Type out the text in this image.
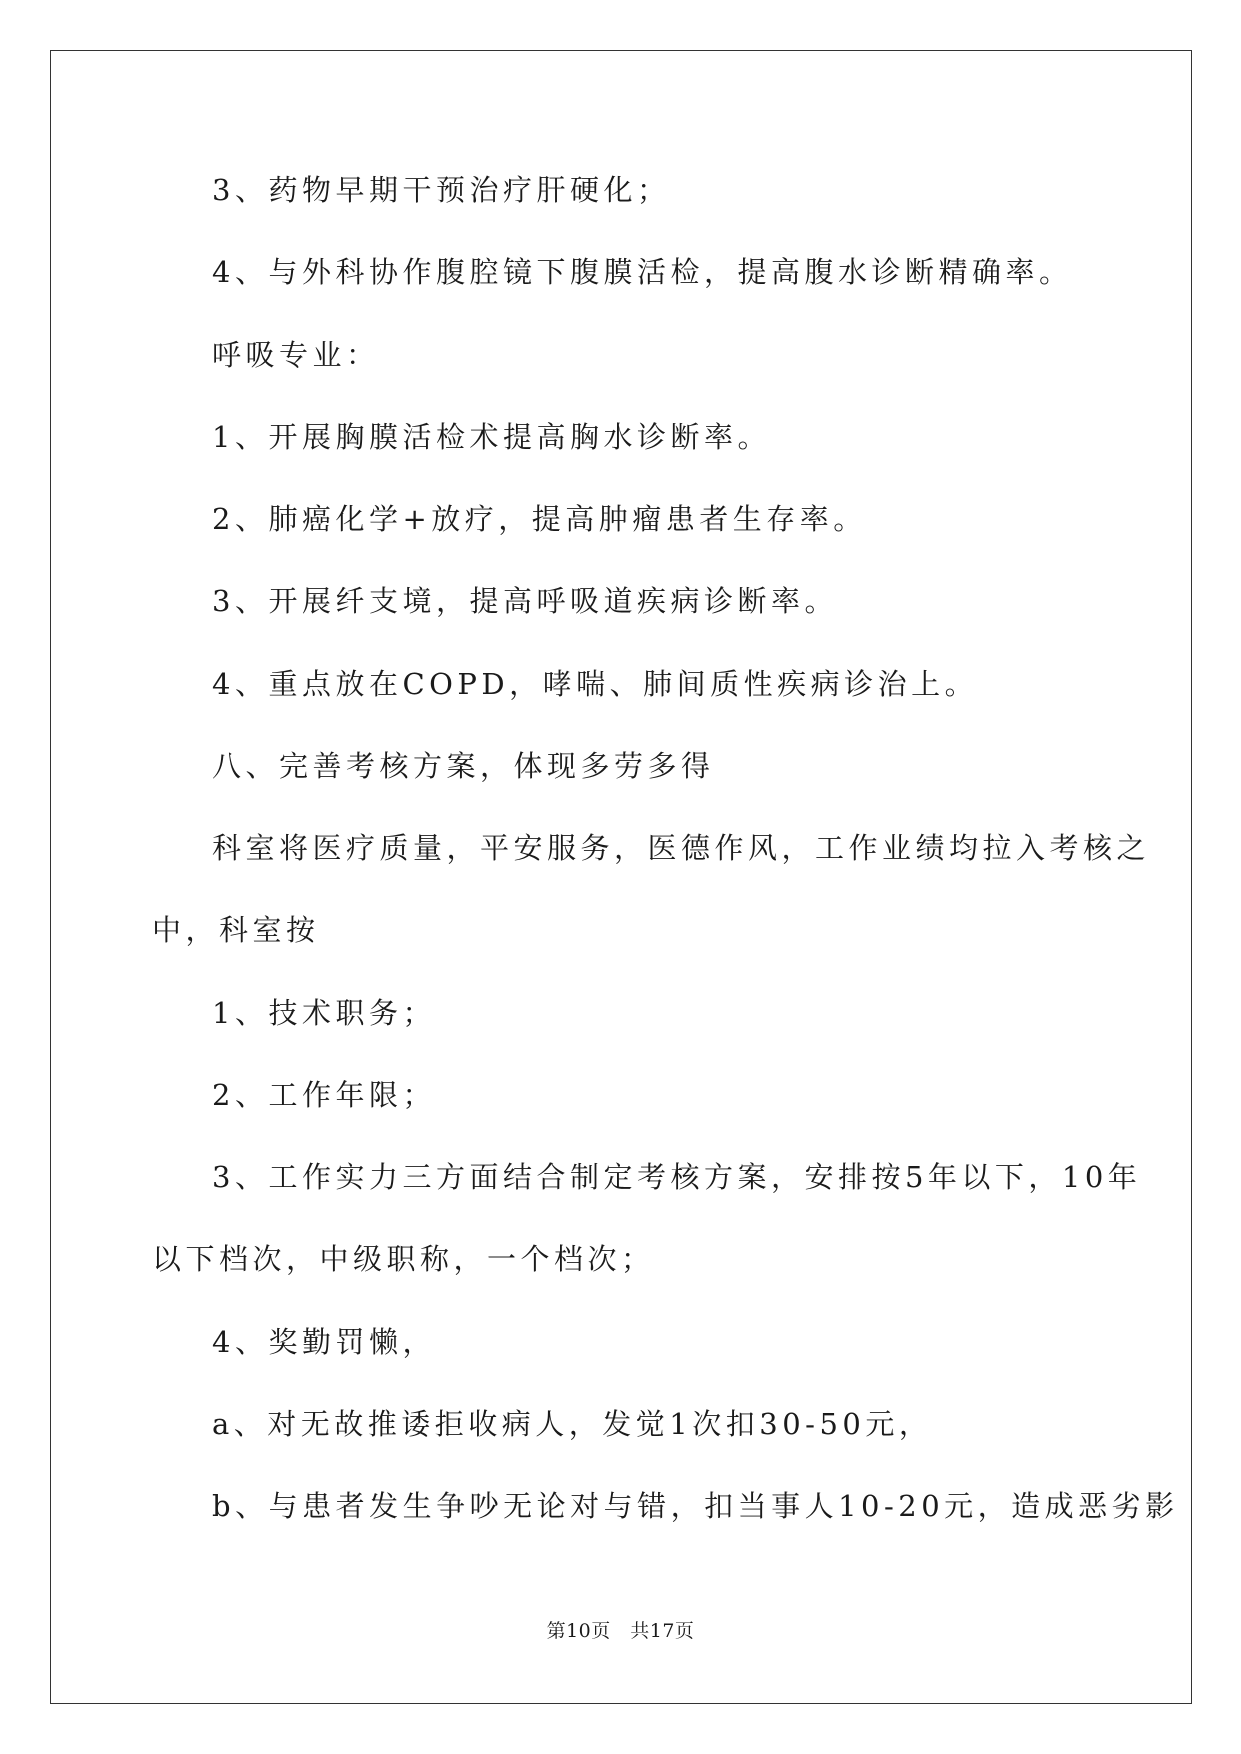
3、药物早期干预治疗肝硬化；
4、与外科协作腹腔镜下腹膜活检，提高腹水诊断精确率。
呼吸专业：
1、开展胸膜活检术提高胸水诊断率。
2、肺癌化学+放疗，提高肿瘤患者生存率。
3、开展纤支境，提高呼吸道疾病诊断率。
4、重点放在COPD，哮喘、肺间质性疾病诊治上。
八、完善考核方案，体现多劳多得
科室将医疗质量，平安服务，医德作风，工作业绩均拉入考核之
中，科室按
1、技术职务；
2、工作年限；
3、工作实力三方面结合制定考核方案，安排按5年以下，10年
以下档次，中级职称，一个档次；
4、奖勤罚懒，
a、对无故推诿拒收病人，发觉1次扣30-50元，
b、与患者发生争吵无论对与错，扣当事人10-20元，造成恶劣影
第10页　共17页
